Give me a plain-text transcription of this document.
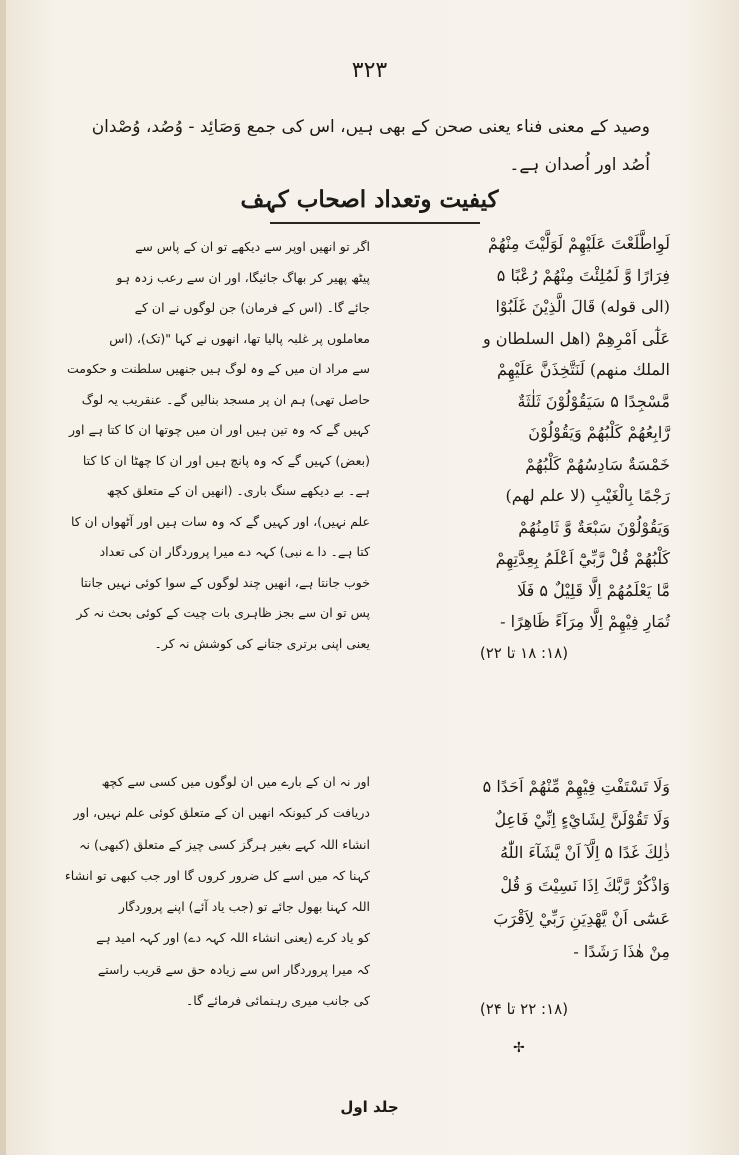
۳۲۳
وصید کے معنی فناء یعنی صحن کے بھی ہیں، اس کی جمع وَصَائِد - وُصُد، وُصْدان
اُصُد اور اُصدان ہے۔
کیفیت وتعداد اصحاب کہف
لَوِاطَّلَعْتَ عَلَيْهِمْ لَوَلَّيْتَ مِنْهُمْ
فِرَارًا وَّ لَمُلِئْتَ مِنْهُمْ رُعْبًا ۵
(الى قوله) قَالَ الَّذِيْنَ غَلَبُوْا
عَلٰٓى اَمْرِهِمْ (اهل السلطان و
الملك منهم) لَنَتَّخِذَنَّ عَلَيْهِمْ
مَّسْجِدًا ۵ سَيَقُوْلُوْنَ ثَلٰثَةٌ
رَّابِعُهُمْ كَلْبُهُمْ وَيَقُوْلُوْنَ
خَمْسَةٌ سَادِسُهُمْ كَلْبُهُمْ
رَجْمًا بِالْغَيْبِ (لا علم لهم)
وَيَقُوْلُوْنَ سَبْعَةٌ وَّ ثَامِنُهُمْ
كَلْبُهُمْ قُلْ رَّبِّيْٓ اَعْلَمُ بِعِدَّتِهِمْ
مَّا يَعْلَمُهُمْ اِلَّا قَلِيْلٌ ۵ فَلَا
تُمَارِ فِيْهِمْ اِلَّا مِرَآءً ظَاهِرًا -
(۱۸: ۱۸ تا ۲۲)
وَلَا تَسْتَفْتِ فِيْهِمْ مِّنْهُمْ اَحَدًا ۵
وَلَا تَقُوْلَنَّ لِشَايْءٍ اِنِّيْ فَاعِلٌ
ذٰلِكَ غَدًا ۵ اِلَّآ اَنْ يَّشَآءَ اللّٰهُ
وَاذْكُرْ رَّبَّكَ اِذَا نَسِيْتَ وَ قُلْ
عَسٰٓى اَنْ يَّهْدِيَنِ رَبِّيْ لِاَقْرَبَ
مِنْ هٰذَا رَشَدًا -
(۱۸: ۲۲ تا ۲۴)
اگر تو انھیں اوپر سے دیکھے تو ان کے پاس سے
پیٹھ پھیر کر بھاگ جائیگا، اور ان سے رعب زدہ ہو
جائے گا۔ (اس کے فرمان) جن لوگوں نے ان کے
معاملوں پر غلبہ پالیا تھا، انھوں نے کہا "(تک)، (اس
سے مراد ان میں کے وہ لوگ ہیں جنھیں سلطنت و حکومت
حاصل تھی) ہم ان پر مسجد بنالیں گے۔ عنقریب یہ لوگ
کہیں گے کہ وہ تین ہیں اور ان میں چوتھا ان کا کتا ہے اور
(بعض) کہیں گے کہ وہ پانچ ہیں اور ان کا چھٹا ان کا کتا
ہے۔ بے دیکھے سنگ باری۔ (انھیں ان کے متعلق کچھ
علم نہیں)، اور کہیں گے کہ وہ سات ہیں اور آٹھواں ان کا
کتا ہے۔ دا ے نبی) کہہ دے میرا پروردگار ان کی تعداد
خوب جانتا ہے، انھیں چند لوگوں کے سوا کوئی نہیں جانتا
پس تو ان سے بجز ظاہری بات چیت کے کوئی بحث نہ کر
یعنی اپنی برتری جتانے کی کوشش نہ کر۔
اور نہ ان کے بارے میں ان لوگوں میں کسی سے کچھ
دریافت کر کیونکہ انھیں ان کے متعلق کوئی علم نہیں، اور
انشاء اللہ کہے بغیر ہرگز کسی چیز کے متعلق (کبھی) نہ
کہنا کہ میں اسے کل ضرور کروں گا اور جب کبھی تو انشاء
اللہ کہنا بھول جائے تو (جب یاد آئے) اپنے پروردگار
کو یاد کرے (یعنی انشاء اللہ کہہ دے) اور کہہ امید ہے
کہ میرا پروردگار اس سے زیادہ حق سے قریب راستے
کی جانب میری رہنمائی فرمائے گا۔
✢
جلد اول
